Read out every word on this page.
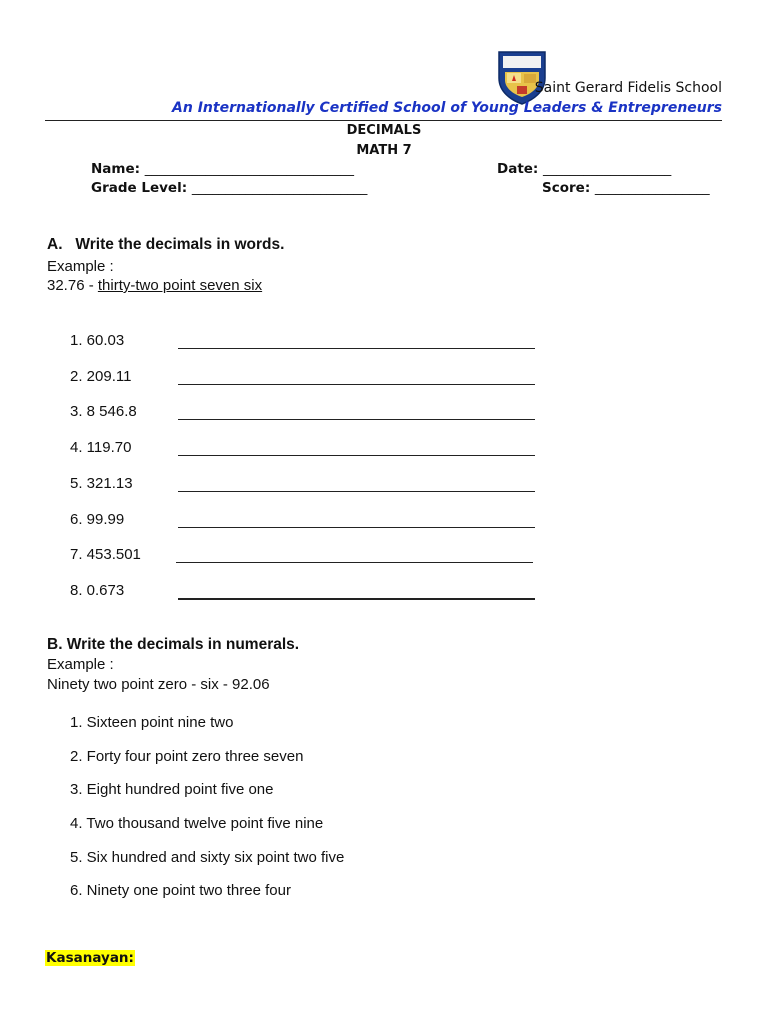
Saint Gerard Fidelis School
An Internationally Certified School of Young Leaders & Entrepreneurs
DECIMALS
MATH 7
Name: _______________________________	Date: ___________________
Grade Level: __________________________	Score: _________________
A.   Write the decimals in words.
Example :
32.76 - thirty-two point seven six
1. 60.03
2. 209.11
3. 8 546.8
4. 119.70
5. 321.13
6. 99.99
7. 453.501
8. 0.673
B. Write the decimals in numerals.
Example :
Ninety two point zero - six - 92.06
1. Sixteen point nine two
2. Forty four point zero three seven
3. Eight hundred point five one
4. Two thousand twelve point five nine
5. Six hundred and sixty six point two five
6. Ninety one point two three four
Kasanayan:
